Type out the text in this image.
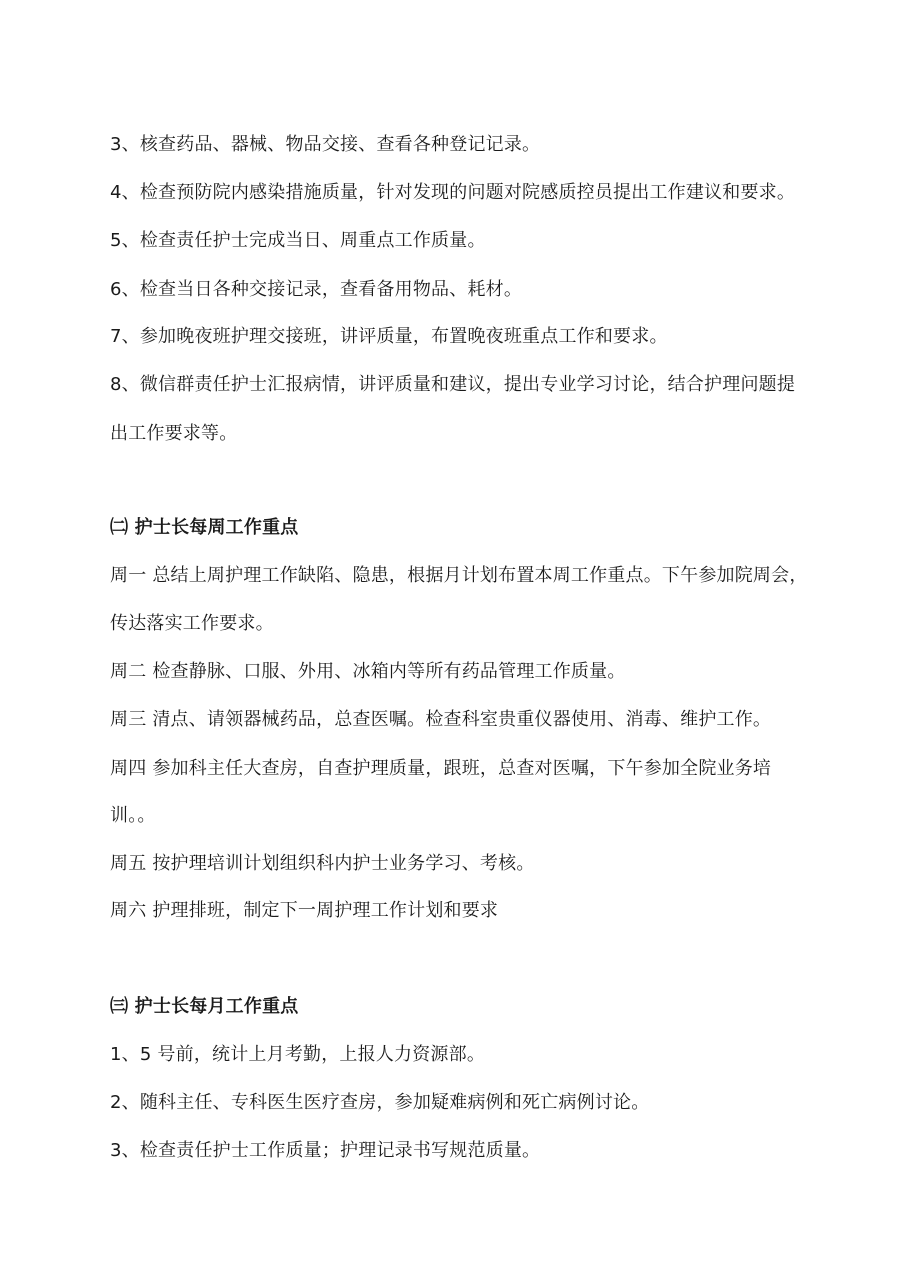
3、核查药品、器械、物品交接、查看各种登记记录。
4、检查预防院内感染措施质量，针对发现的问题对院感质控员提出工作建议和要求。
5、检查责任护士完成当日、周重点工作质量。
6、检查当日各种交接记录，查看备用物品、耗材。
7、参加晚夜班护理交接班，讲评质量，布置晚夜班重点工作和要求。
8、微信群责任护士汇报病情，讲评质量和建议，提出专业学习讨论，结合护理问题提
出工作要求等。
㈡ 护士长每周工作重点
周一 总结上周护理工作缺陷、隐患，根据月计划布置本周工作重点。下午参加院周会，
传达落实工作要求。
周二 检查静脉、口服、外用、冰箱内等所有药品管理工作质量。
周三 清点、请领器械药品，总查医嘱。检查科室贵重仪器使用、消毒、维护工作。
周四 参加科主任大查房，自查护理质量，跟班，总查对医嘱，下午参加全院业务培
训。。
周五 按护理培训计划组织科内护士业务学习、考核。
周六 护理排班，制定下一周护理工作计划和要求
㈢ 护士长每月工作重点
1、5 号前，统计上月考勤，上报人力资源部。
2、随科主任、专科医生医疗查房，参加疑难病例和死亡病例讨论。
3、检查责任护士工作质量；护理记录书写规范质量。
